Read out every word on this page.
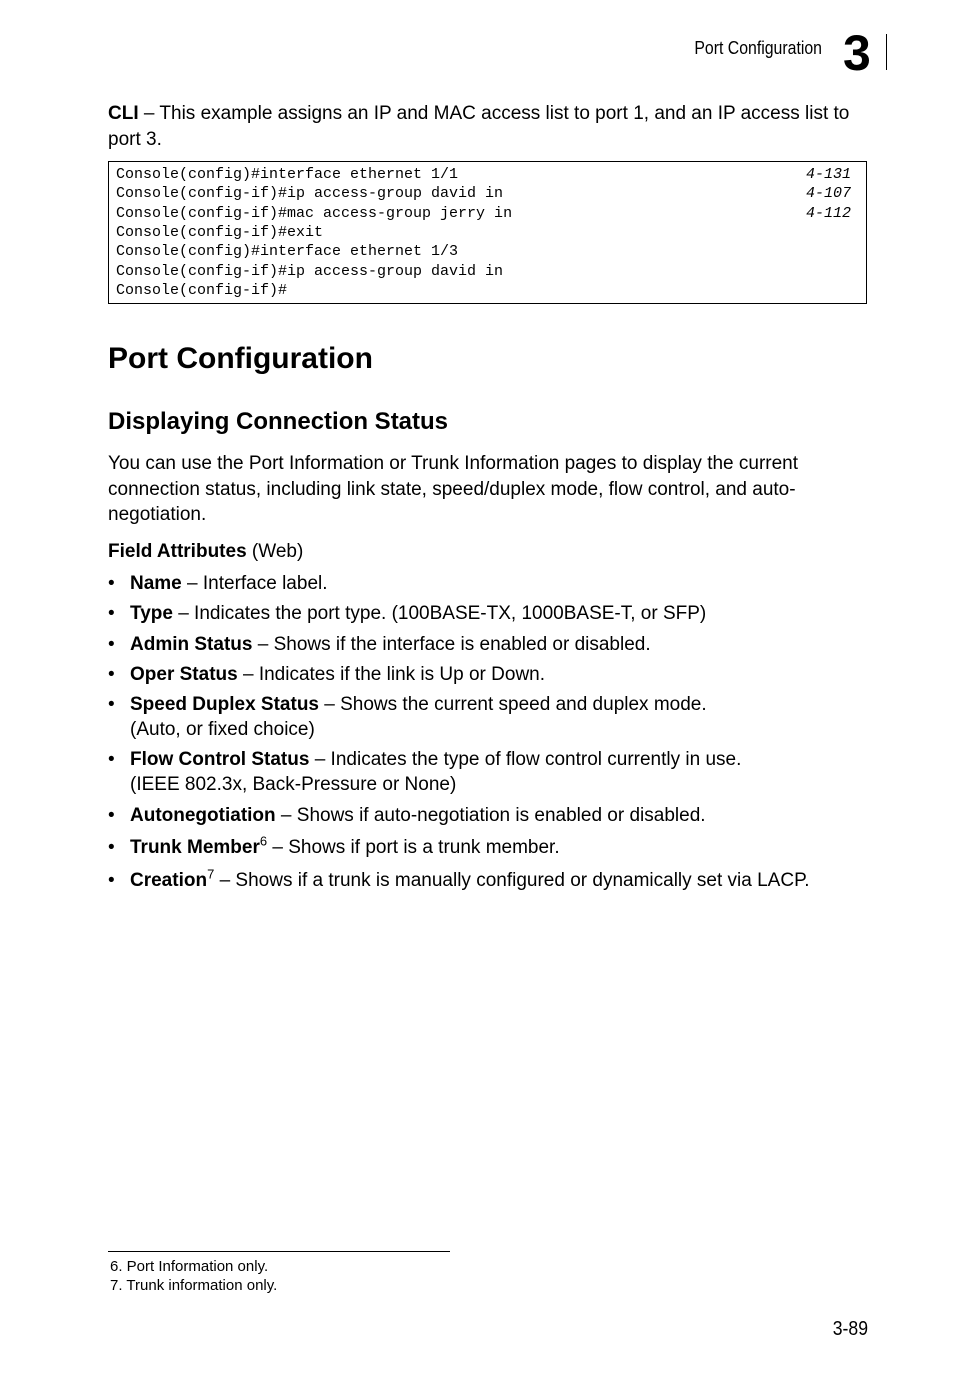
Port Configuration 3

CLI – This example assigns an IP and MAC access list to port 1, and an IP access list to port 3.

Console(config)#interface ethernet 1/1	4-131
Console(config-if)#ip access-group david in	4-107
Console(config-if)#mac access-group jerry in	4-112
Console(config-if)#exit
Console(config)#interface ethernet 1/3
Console(config-if)#ip access-group david in
Console(config-if)#
Port Configuration
Displaying Connection Status

You can use the Port Information or Trunk Information pages to display the current connection status, including link state, speed/duplex mode, flow control, and auto-negotiation.

Field Attributes (Web)

• Name – Interface label.
• Type – Indicates the port type. (100BASE-TX, 1000BASE-T, or SFP)
• Admin Status – Shows if the interface is enabled or disabled.
• Oper Status – Indicates if the link is Up or Down.
• Speed Duplex Status – Shows the current speed and duplex mode.
(Auto, or fixed choice)
• Flow Control Status – Indicates the type of flow control currently in use.
(IEEE 802.3x, Back-Pressure or None)
• Autonegotiation – Shows if auto-negotiation is enabled or disabled.
• Trunk Member$^6$ – Shows if port is a trunk member.
• Creation$^7$ – Shows if a trunk is manually configured or dynamically set via LACP.
6. Port Information only.
7. Trunk information only.
3-89
